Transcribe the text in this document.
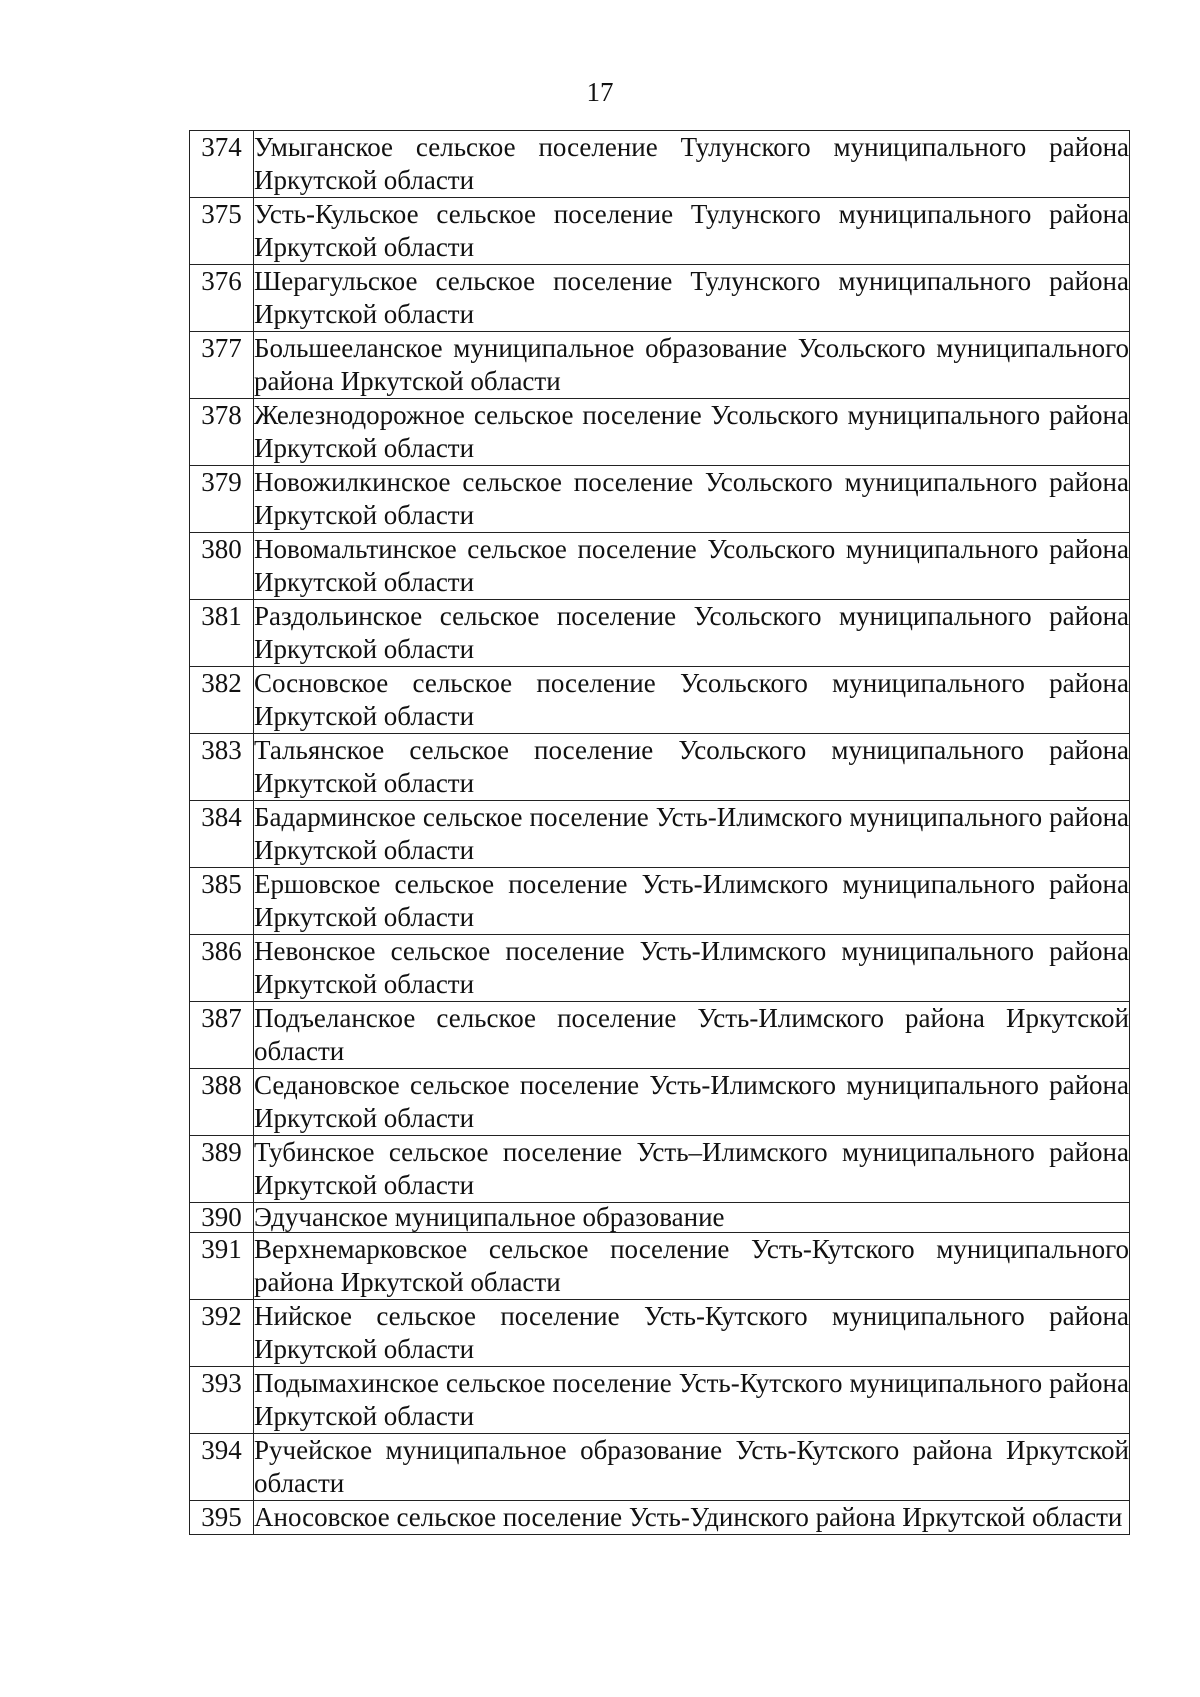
17
374	Умыганское сельское поселение Тулунского муниципального района Иркутской области
375	Усть-Кульское сельское поселение Тулунского муниципального района Иркутской области
376	Шерагульское сельское поселение Тулунского муниципального района Иркутской области
377	Большееланское муниципальное образование Усольского муниципального района Иркутской области
378	Железнодорожное сельское поселение Усольского муниципального района Иркутской области
379	Новожилкинское сельское поселение Усольского муниципального района Иркутской области
380	Новомальтинское сельское поселение Усольского муниципального района Иркутской области
381	Раздольинское сельское поселение Усольского муниципального района Иркутской области
382	Сосновское сельское поселение Усольского муниципального района Иркутской области
383	Тальянское сельское поселение Усольского муниципального района Иркутской области
384	Бадарминское сельское поселение Усть-Илимского муниципального района Иркутской области
385	Ершовское сельское поселение Усть-Илимского муниципального района Иркутской области
386	Невонское сельское поселение Усть-Илимского муниципального района Иркутской области
387	Подъеланское сельское поселение Усть-Илимского района Иркутской области
388	Седановское сельское поселение Усть-Илимского муниципального района Иркутской области
389	Тубинское сельское поселение Усть–Илимского муниципального района Иркутской области
390	Эдучанское муниципальное образование
391	Верхнемарковское сельское поселение Усть-Кутского муниципального района Иркутской области
392	Нийское сельское поселение Усть-Кутского муниципального района Иркутской области
393	Подымахинское сельское поселение Усть-Кутского муниципального района Иркутской области
394	Ручейское муниципальное образование Усть-Кутского района Иркутской области
395	Аносовское сельское поселение Усть-Удинского района Иркутской области
